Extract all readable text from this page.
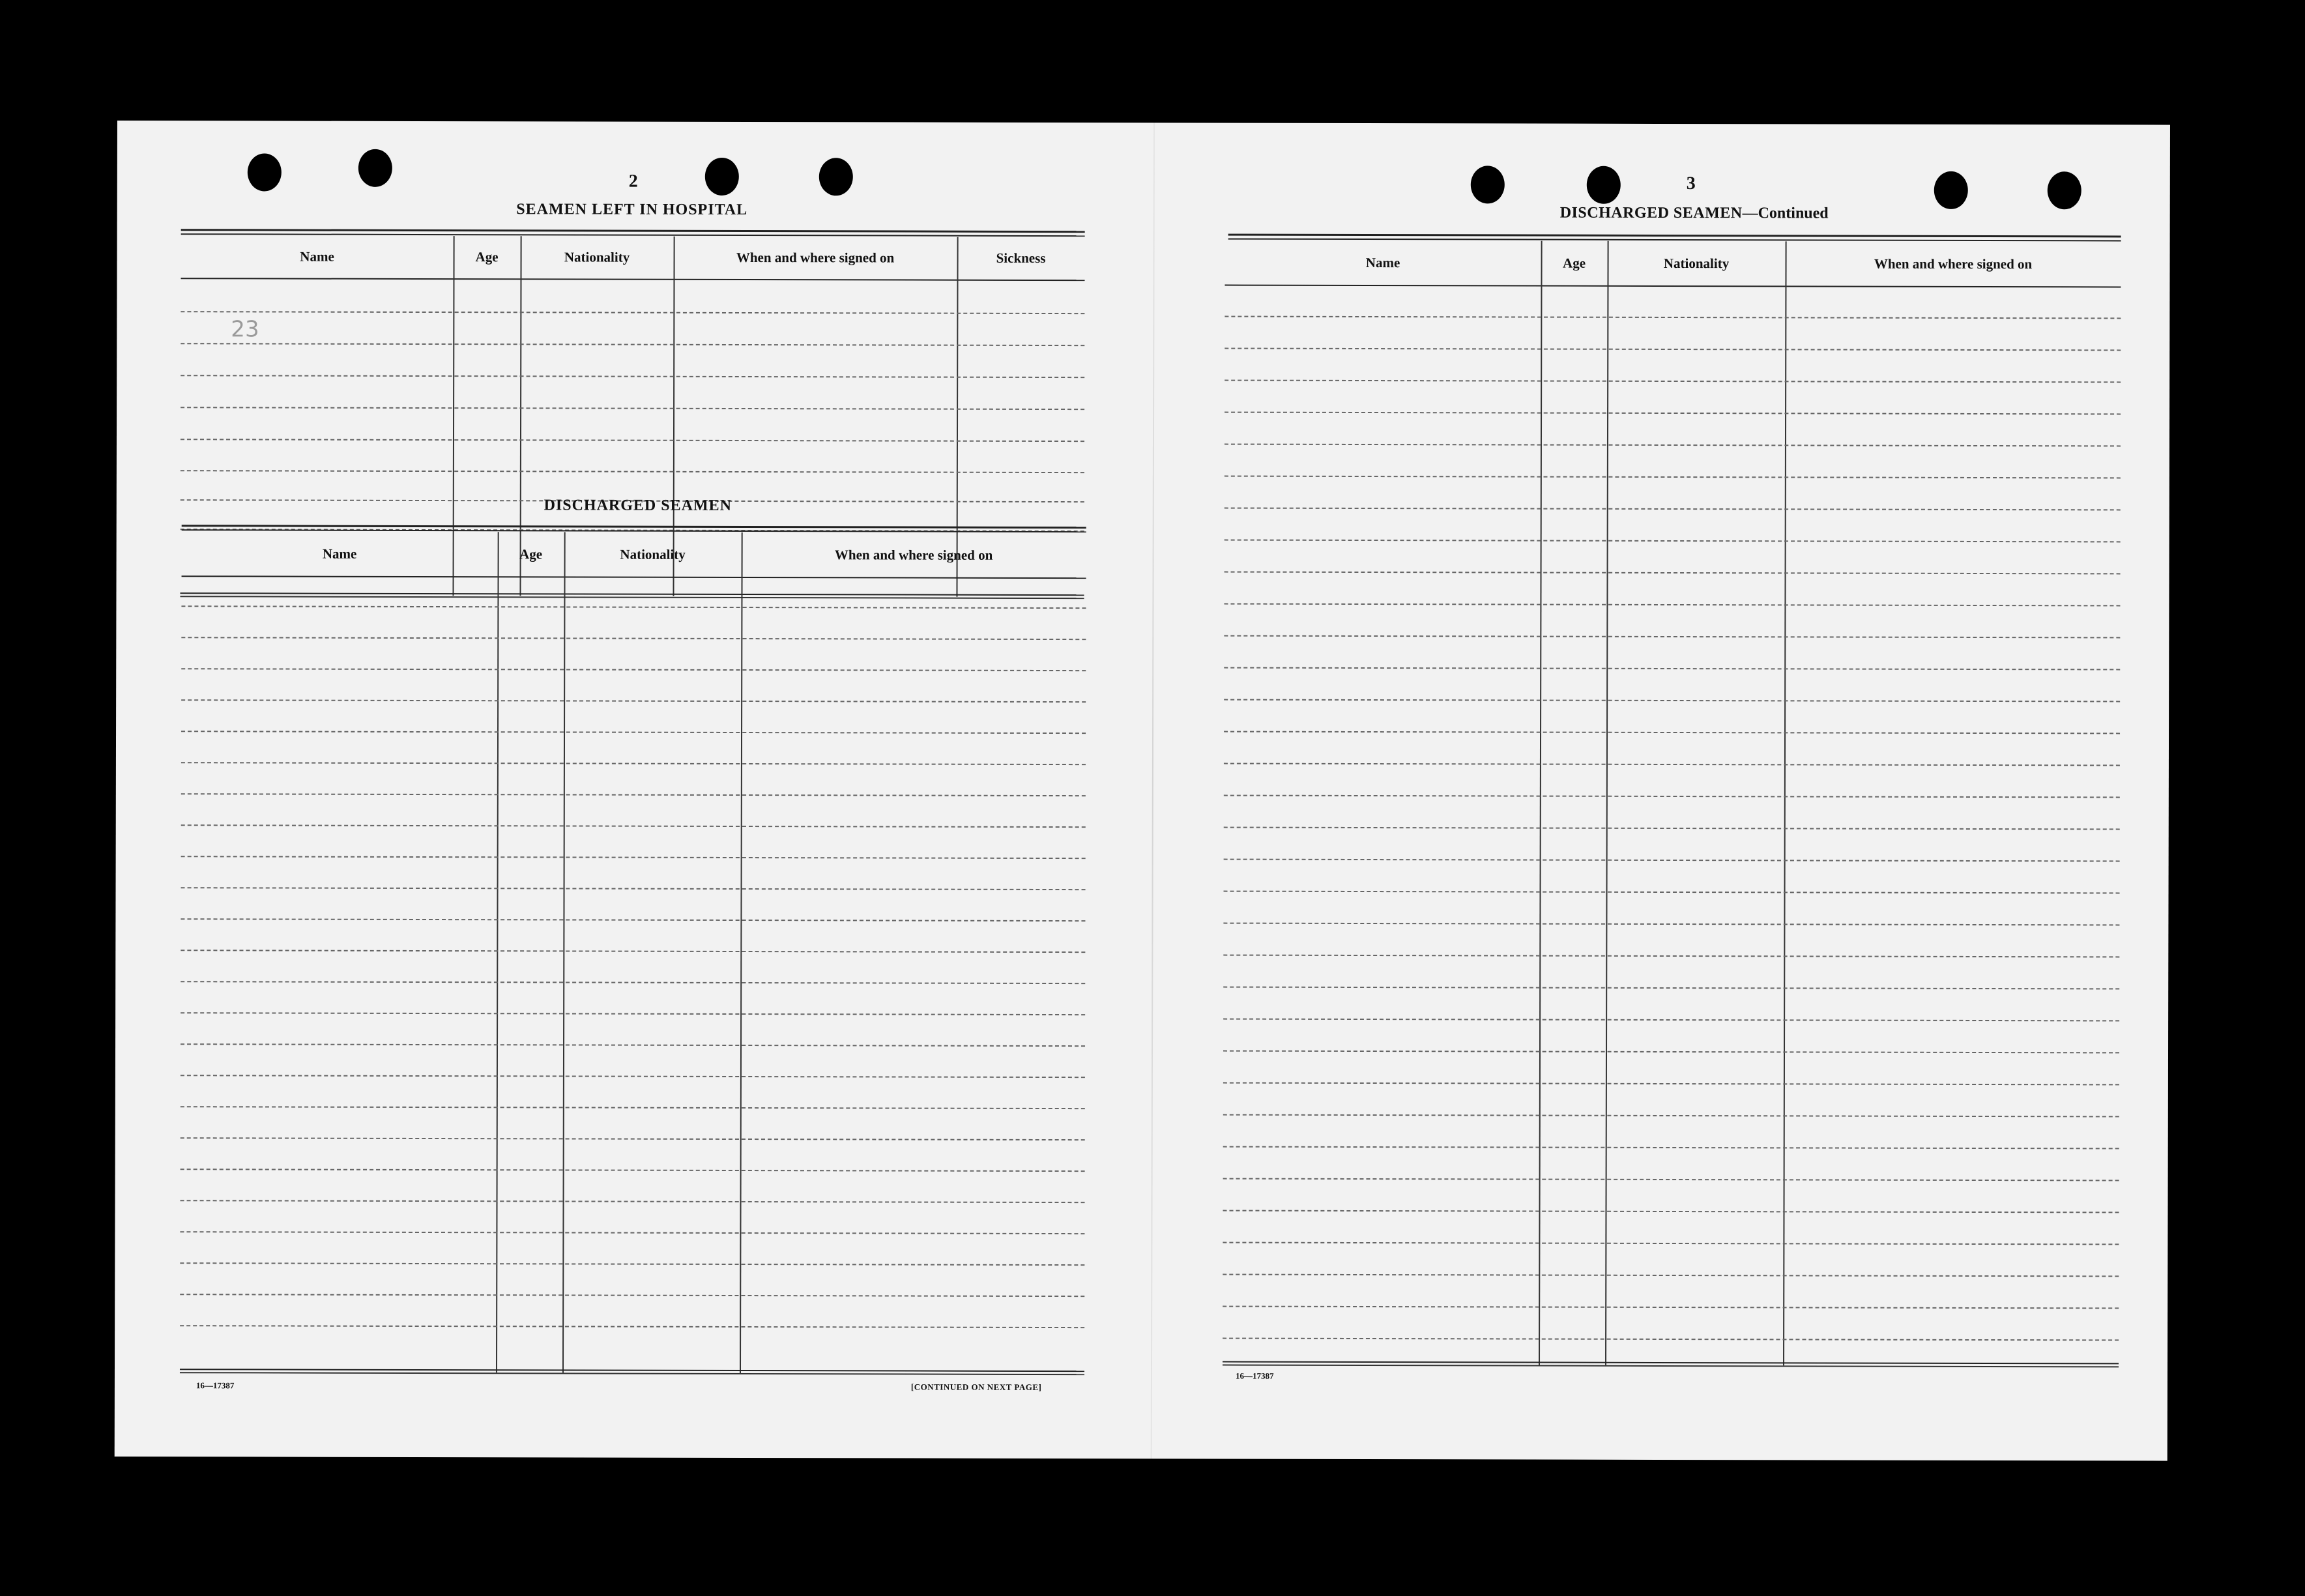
2
SEAMEN LEFT IN HOSPITAL
Name	Age	Nationality	When and where signed on	Sickness
23
DISCHARGED SEAMEN
Name	Age	Nationality	When and where signed on
16—17387	[CONTINUED ON NEXT PAGE]
3
DISCHARGED SEAMEN—Continued
Name	Age	Nationality	When and where signed on
16—17387
